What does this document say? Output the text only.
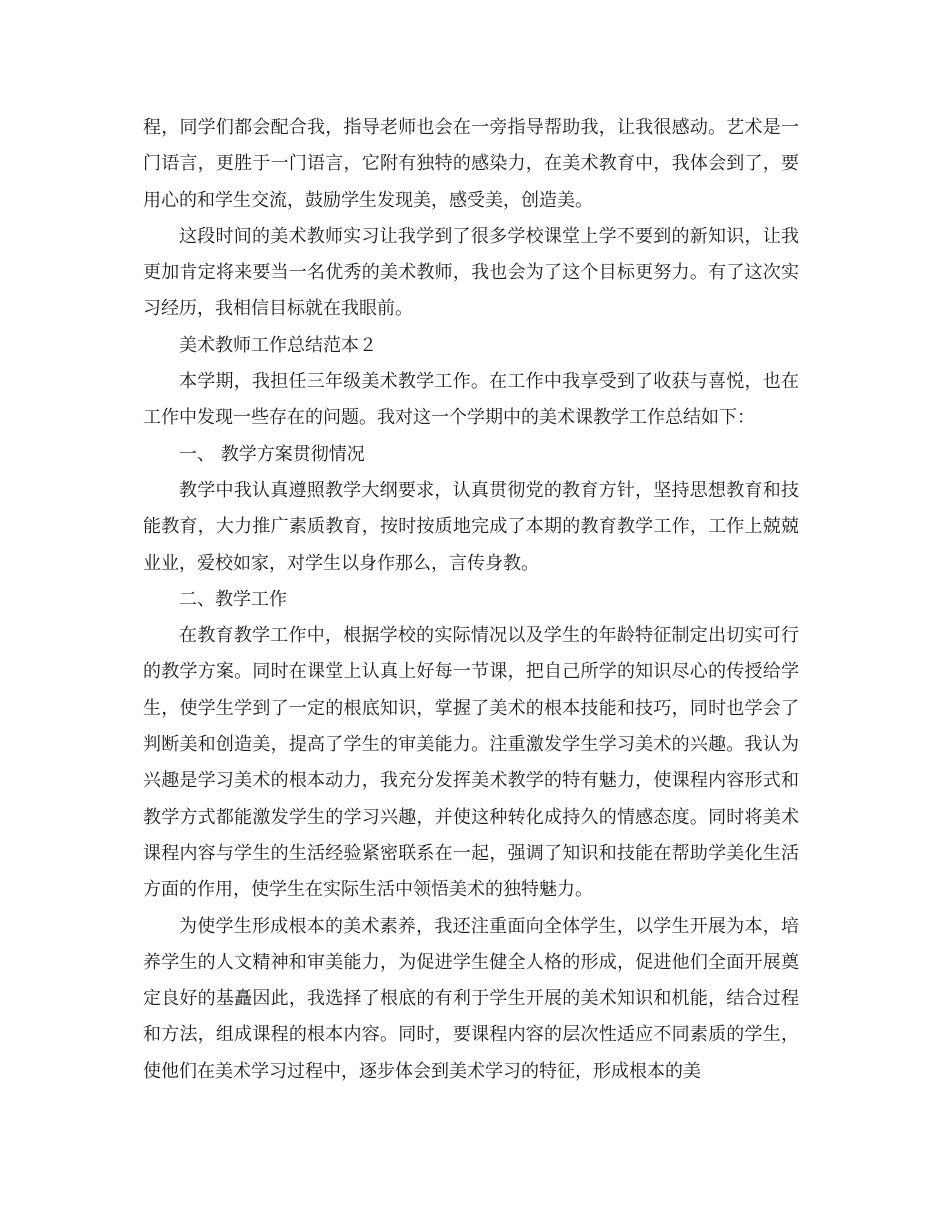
程，同学们都会配合我，指导老师也会在一旁指导帮助我，让我很感动。艺术是一门语言，更胜于一门语言，它附有独特的感染力，在美术教育中，我体会到了，要用心的和学生交流，鼓励学生发现美，感受美，创造美。

这段时间的美术教师实习让我学到了很多学校课堂上学不要到的新知识，让我更加肯定将来要当一名优秀的美术教师，我也会为了这个目标更努力。有了这次实习经历，我相信目标就在我眼前。

美术教师工作总结范本２

本学期，我担任三年级美术教学工作。在工作中我享受到了收获与喜悦，也在工作中发现一些存在的问题。我对这一个学期中的美术课教学工作总结如下：

一、 教学方案贯彻情况

教学中我认真遵照教学大纲要求，认真贯彻党的教育方针，坚持思想教育和技能教育，大力推广素质教育，按时按质地完成了本期的教育教学工作，工作上兢兢业业，爱校如家，对学生以身作那么，言传身教。

二、教学工作

在教育教学工作中，根据学校的实际情况以及学生的年龄特征制定出切实可行的教学方案。同时在课堂上认真上好每一节课，把自己所学的知识尽心的传授给学生，使学生学到了一定的根底知识，掌握了美术的根本技能和技巧，同时也学会了判断美和创造美，提高了学生的审美能力。注重激发学生学习美术的兴趣。我认为兴趣是学习美术的根本动力，我充分发挥美术教学的特有魅力，使课程内容形式和教学方式都能激发学生的学习兴趣，并使这种转化成持久的情感态度。同时将美术课程内容与学生的生活经验紧密联系在一起，强调了知识和技能在帮助学美化生活方面的作用，使学生在实际生活中领悟美术的独特魅力。

为使学生形成根本的美术素养，我还注重面向全体学生，以学生开展为本，培养学生的人文精神和审美能力，为促进学生健全人格的形成，促进他们全面开展奠定良好的基矗因此，我选择了根底的有利于学生开展的美术知识和机能，结合过程和方法，组成课程的根本内容。同时，要课程内容的层次性适应不同素质的学生，使他们在美术学习过程中，逐步体会到美术学习的特征，形成根本的美
